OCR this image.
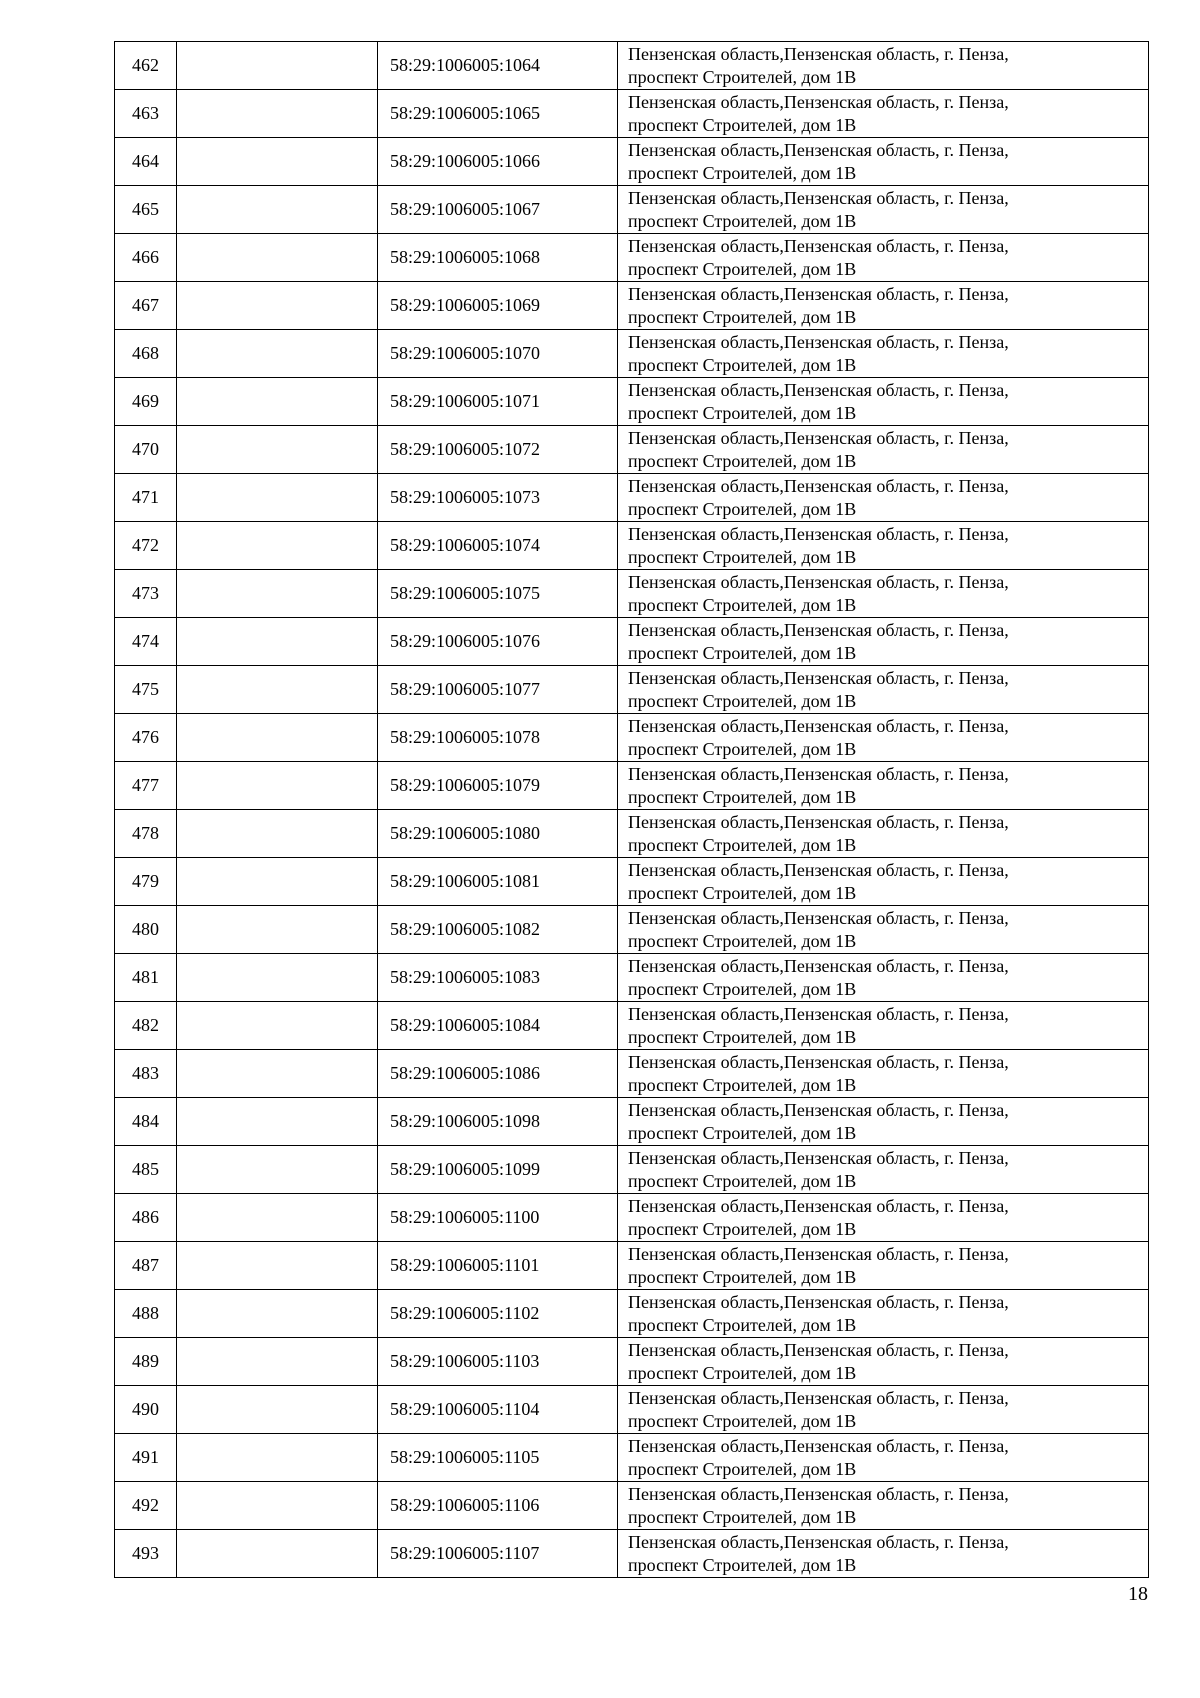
462		58:29:1006005:1064	Пензенская область,Пензенская область, г. Пенза,
проспект Строителей, дом 1В

463		58:29:1006005:1065	Пензенская область,Пензенская область, г. Пенза,
проспект Строителей, дом 1В

464		58:29:1006005:1066	Пензенская область,Пензенская область, г. Пенза,
проспект Строителей, дом 1В

465		58:29:1006005:1067	Пензенская область,Пензенская область, г. Пенза,
проспект Строителей, дом 1В

466		58:29:1006005:1068	Пензенская область,Пензенская область, г. Пенза,
проспект Строителей, дом 1В

467		58:29:1006005:1069	Пензенская область,Пензенская область, г. Пенза,
проспект Строителей, дом 1В

468		58:29:1006005:1070	Пензенская область,Пензенская область, г. Пенза,
проспект Строителей, дом 1В

469		58:29:1006005:1071	Пензенская область,Пензенская область, г. Пенза,
проспект Строителей, дом 1В

470		58:29:1006005:1072	Пензенская область,Пензенская область, г. Пенза,
проспект Строителей, дом 1В

471		58:29:1006005:1073	Пензенская область,Пензенская область, г. Пенза,
проспект Строителей, дом 1В

472		58:29:1006005:1074	Пензенская область,Пензенская область, г. Пенза,
проспект Строителей, дом 1В

473		58:29:1006005:1075	Пензенская область,Пензенская область, г. Пенза,
проспект Строителей, дом 1В

474		58:29:1006005:1076	Пензенская область,Пензенская область, г. Пенза,
проспект Строителей, дом 1В

475		58:29:1006005:1077	Пензенская область,Пензенская область, г. Пенза,
проспект Строителей, дом 1В

476		58:29:1006005:1078	Пензенская область,Пензенская область, г. Пенза,
проспект Строителей, дом 1В

477		58:29:1006005:1079	Пензенская область,Пензенская область, г. Пенза,
проспект Строителей, дом 1В

478		58:29:1006005:1080	Пензенская область,Пензенская область, г. Пенза,
проспект Строителей, дом 1В

479		58:29:1006005:1081	Пензенская область,Пензенская область, г. Пенза,
проспект Строителей, дом 1В

480		58:29:1006005:1082	Пензенская область,Пензенская область, г. Пенза,
проспект Строителей, дом 1В

481		58:29:1006005:1083	Пензенская область,Пензенская область, г. Пенза,
проспект Строителей, дом 1В

482		58:29:1006005:1084	Пензенская область,Пензенская область, г. Пенза,
проспект Строителей, дом 1В

483		58:29:1006005:1086	Пензенская область,Пензенская область, г. Пенза,
проспект Строителей, дом 1В

484		58:29:1006005:1098	Пензенская область,Пензенская область, г. Пенза,
проспект Строителей, дом 1В

485		58:29:1006005:1099	Пензенская область,Пензенская область, г. Пенза,
проспект Строителей, дом 1В

486		58:29:1006005:1100	Пензенская область,Пензенская область, г. Пенза,
проспект Строителей, дом 1В

487		58:29:1006005:1101	Пензенская область,Пензенская область, г. Пенза,
проспект Строителей, дом 1В

488		58:29:1006005:1102	Пензенская область,Пензенская область, г. Пенза,
проспект Строителей, дом 1В

489		58:29:1006005:1103	Пензенская область,Пензенская область, г. Пенза,
проспект Строителей, дом 1В

490		58:29:1006005:1104	Пензенская область,Пензенская область, г. Пенза,
проспект Строителей, дом 1В

491		58:29:1006005:1105	Пензенская область,Пензенская область, г. Пенза,
проспект Строителей, дом 1В

492		58:29:1006005:1106	Пензенская область,Пензенская область, г. Пенза,
проспект Строителей, дом 1В

493		58:29:1006005:1107	Пензенская область,Пензенская область, г. Пенза,
проспект Строителей, дом 1В
18
